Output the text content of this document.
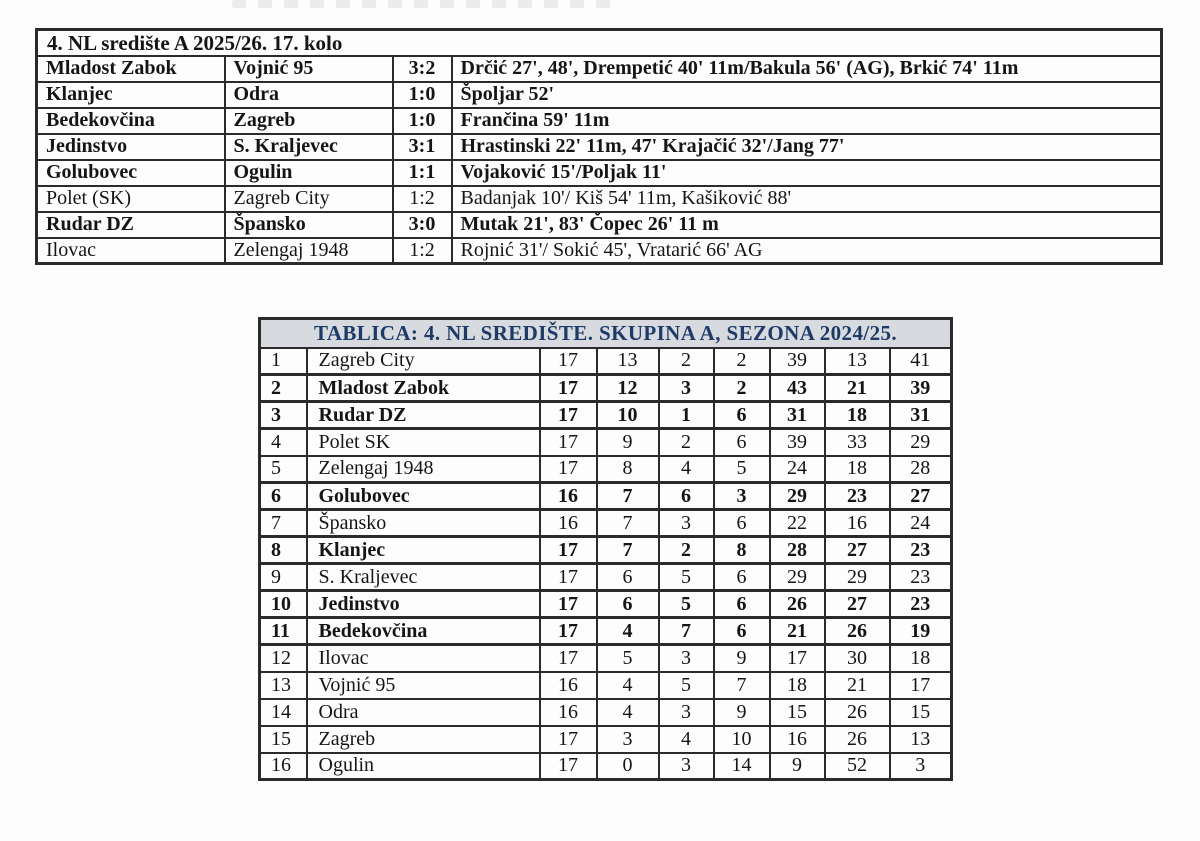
4. NL središte A 2025/26. 17. kolo			
Mladost Zabok	Vojnić 95	3:2	Drčić 27', 48', Drempetić 40' 11m/Bakula 56' (AG), Brkić 74' 11m
Klanjec	Odra	1:0	Špoljar 52'
Bedekovčina	Zagreb	1:0	Frančina 59' 11m
Jedinstvo	S. Kraljevec	3:1	Hrastinski 22' 11m, 47' Krajačić 32'/Jang 77'
Golubovec	Ogulin	1:1	Vojaković 15'/Poljak 11'
Polet (SK)	Zagreb City	1:2	Badanjak 10'/ Kiš 54' 11m, Kašiković 88'
Rudar DZ	Špansko	3:0	Mutak 21', 83' Čopec 26' 11 m
Ilovac	Zelengaj 1948	1:2	Rojnić 31'/ Sokić 45', Vratarić 66' AG
TABLICA: 4. NL SREDIŠTE. SKUPINA A, SEZONA 2024/25.								
1	Zagreb City	17	13	2	2	39	13	41
2	Mladost Zabok	17	12	3	2	43	21	39
3	Rudar DZ	17	10	1	6	31	18	31
4	Polet SK	17	9	2	6	39	33	29
5	Zelengaj 1948	17	8	4	5	24	18	28
6	Golubovec	16	7	6	3	29	23	27
7	Špansko	16	7	3	6	22	16	24
8	Klanjec	17	7	2	8	28	27	23
9	S. Kraljevec	17	6	5	6	29	29	23
10	Jedinstvo	17	6	5	6	26	27	23
11	Bedekovčina	17	4	7	6	21	26	19
12	Ilovac	17	5	3	9	17	30	18
13	Vojnić 95	16	4	5	7	18	21	17
14	Odra	16	4	3	9	15	26	15
15	Zagreb	17	3	4	10	16	26	13
16	Ogulin	17	0	3	14	9	52	3
